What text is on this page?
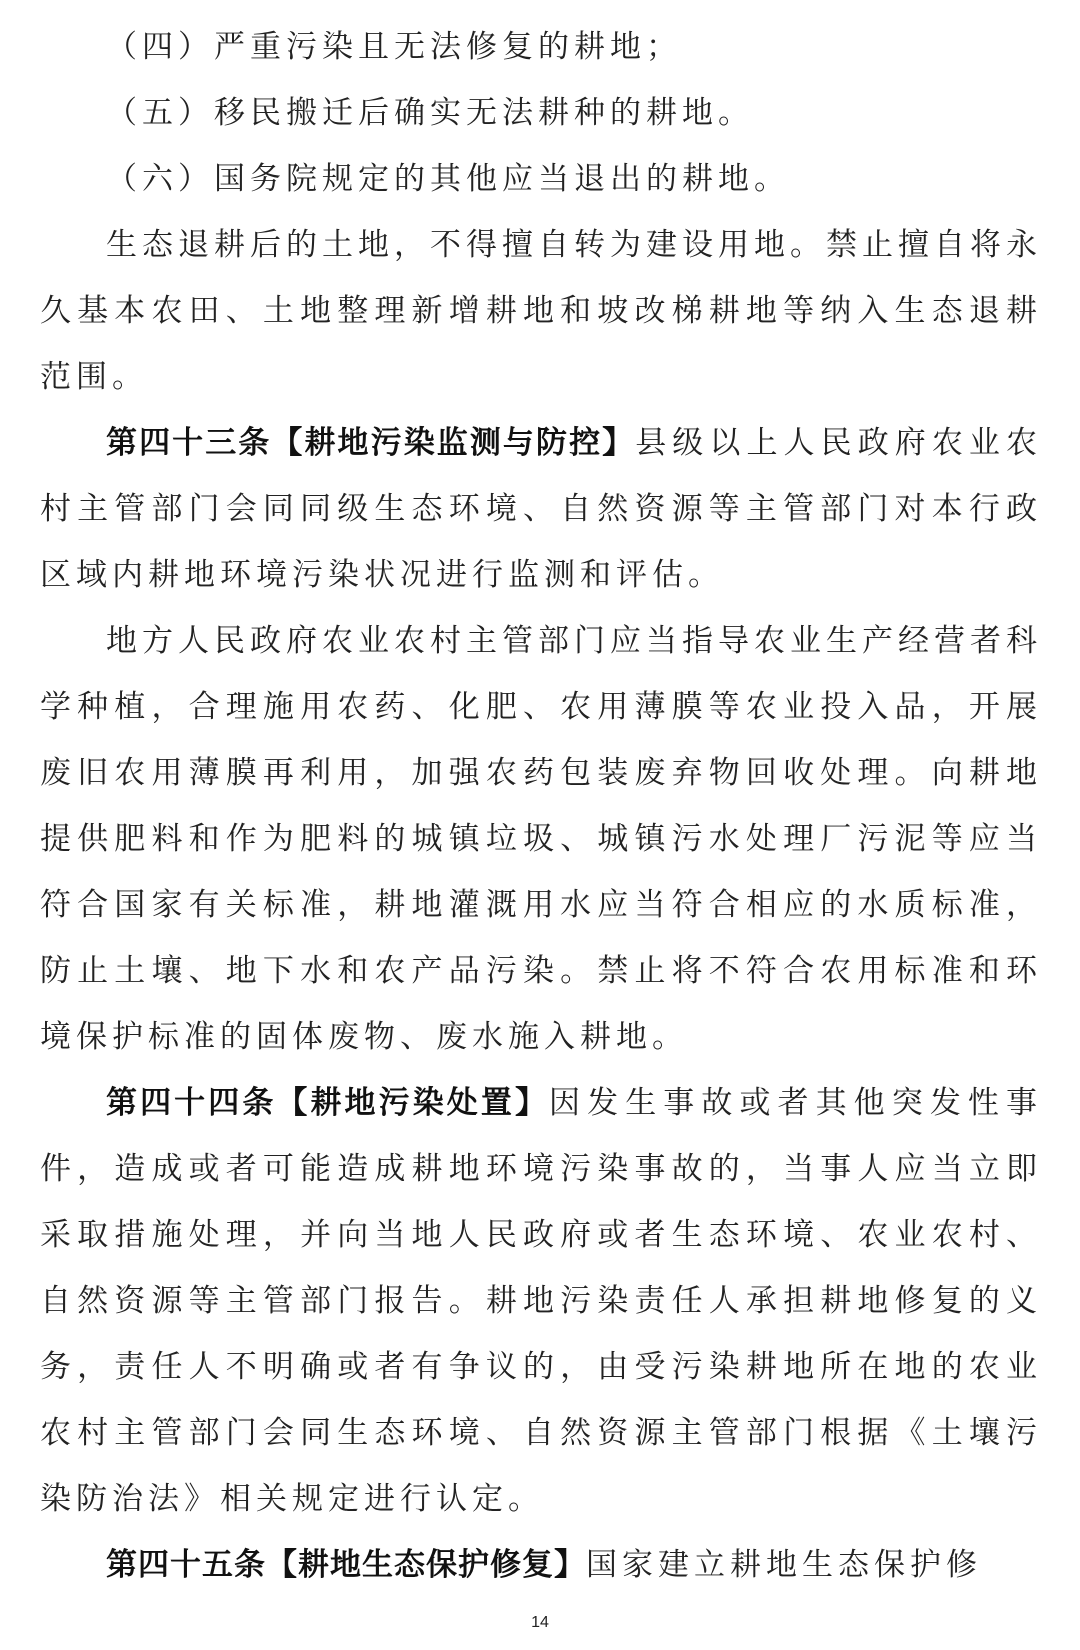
（四）严重污染且无法修复的耕地；

（五）移民搬迁后确实无法耕种的耕地。

（六）国务院规定的其他应当退出的耕地。

生态退耕后的土地，不得擅自转为建设用地。禁止擅自将永久基本农田、土地整理新增耕地和坡改梯耕地等纳入生态退耕范围。

第四十三条【耕地污染监测与防控】县级以上人民政府农业农村主管部门会同同级生态环境、自然资源等主管部门对本行政区域内耕地环境污染状况进行监测和评估。

地方人民政府农业农村主管部门应当指导农业生产经营者科学种植，合理施用农药、化肥、农用薄膜等农业投入品，开展废旧农用薄膜再利用，加强农药包装废弃物回收处理。向耕地提供肥料和作为肥料的城镇垃圾、城镇污水处理厂污泥等应当符合国家有关标准，耕地灌溉用水应当符合相应的水质标准，防止土壤、地下水和农产品污染。禁止将不符合农用标准和环境保护标准的固体废物、废水施入耕地。

第四十四条【耕地污染处置】因发生事故或者其他突发性事件，造成或者可能造成耕地环境污染事故的，当事人应当立即采取措施处理，并向当地人民政府或者生态环境、农业农村、自然资源等主管部门报告。耕地污染责任人承担耕地修复的义务，责任人不明确或者有争议的，由受污染耕地所在地的农业农村主管部门会同生态环境、自然资源主管部门根据《土壤污染防治法》相关规定进行认定。

第四十五条【耕地生态保护修复】国家建立耕地生态保护修

14
